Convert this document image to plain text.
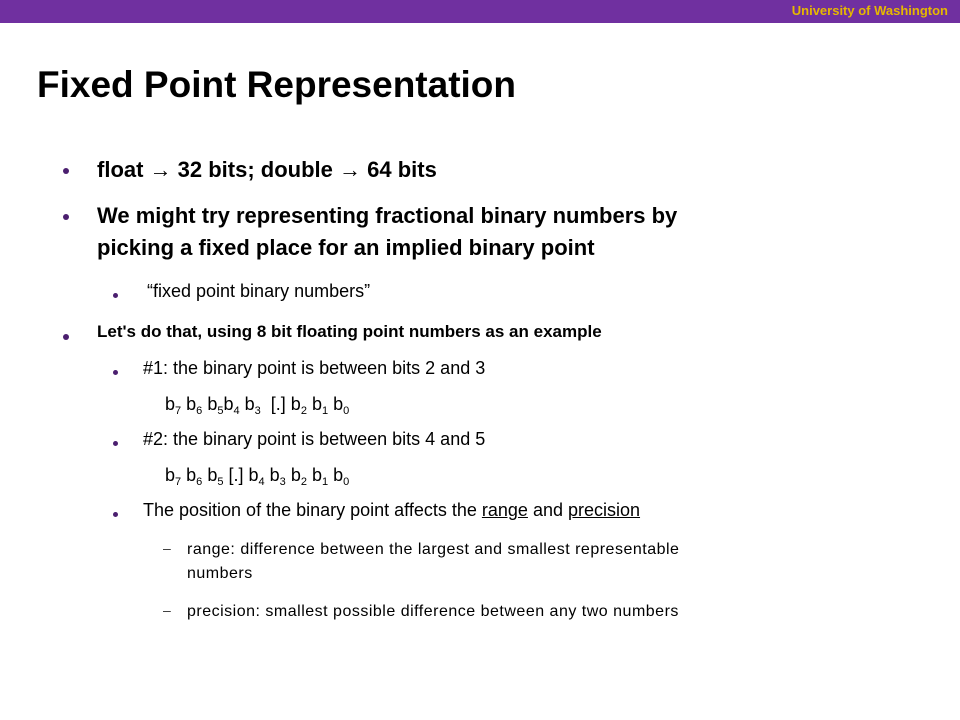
University of Washington
Fixed Point Representation
float → 32 bits; double → 64 bits
We might try representing fractional binary numbers by
picking a fixed place for an implied binary point
“fixed point binary numbers”
Let's do that, using 8 bit floating point numbers as an example
#1: the binary point is between bits 2 and 3
$b_7$ $b_6$ $b_5b_4$ $b_3$ [.] $b_2$ $b_1$ $b_0$
#2: the binary point is between bits 4 and 5
$b_7$ $b_6$ $b_5$ [.] $b_4$ $b_3$ $b_2$ $b_1$ $b_0$
The position of the binary point affects the range and precision
– range: difference between the largest and smallest representable
numbers
– precision: smallest possible difference between any two numbers
